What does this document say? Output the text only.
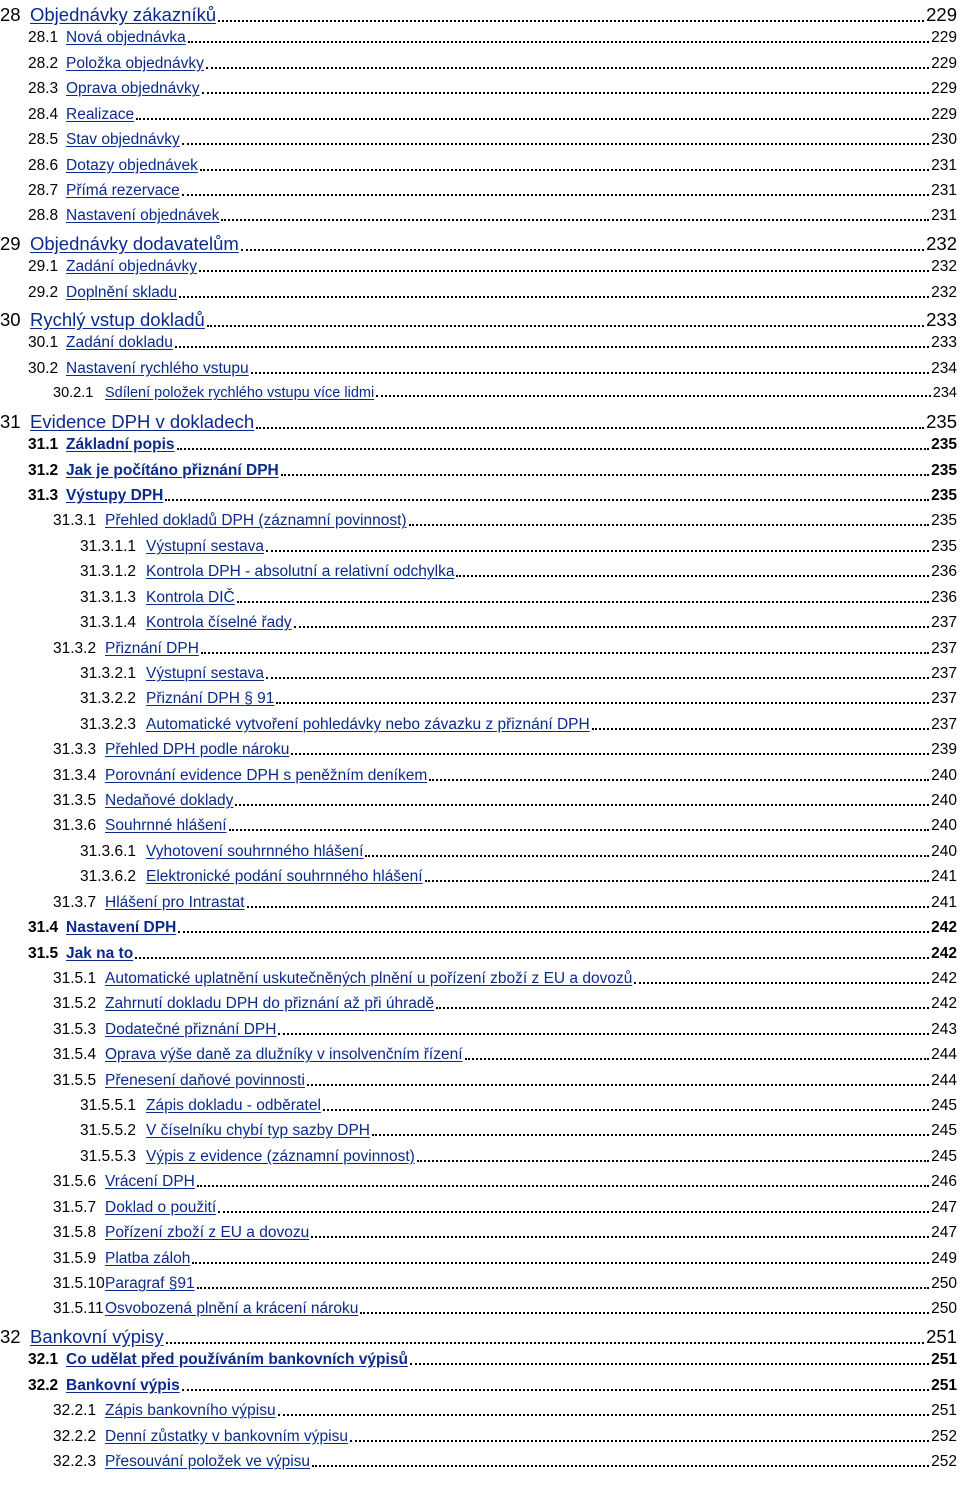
28 Objednávky zákazníků	229
28.1 Nová objednávka	229
28.2 Položka objednávky	229
28.3 Oprava objednávky	229
28.4 Realizace	229
28.5 Stav objednávky	230
28.6 Dotazy objednávek	231
28.7 Přímá rezervace	231
28.8 Nastavení objednávek	231
29 Objednávky dodavatelům	232
29.1 Zadání objednávky	232
29.2 Doplnění skladu	232
30 Rychlý vstup dokladů	233
30.1 Zadání dokladu	233
30.2 Nastavení rychlého vstupu	234
30.2.1 Sdílení položek rychlého vstupu více lidmi	234
31 Evidence DPH v dokladech	235
31.1 Základní popis	235
31.2 Jak je počítáno přiznání DPH	235
31.3 Výstupy DPH	235
31.3.1 Přehled dokladů DPH (záznamní povinnost)	235
31.3.1.1 Výstupní sestava	235
31.3.1.2 Kontrola DPH - absolutní a relativní odchylka	236
31.3.1.3 Kontrola DIČ	236
31.3.1.4 Kontrola číselné řady	237
31.3.2 Přiznání DPH	237
31.3.2.1 Výstupní sestava	237
31.3.2.2 Přiznání DPH § 91	237
31.3.2.3 Automatické vytvoření pohledávky nebo závazku z přiznání DPH	237
31.3.3 Přehled DPH podle nároku	239
31.3.4 Porovnání evidence DPH s peněžním deníkem	240
31.3.5 Nedaňové doklady	240
31.3.6 Souhrnné hlášení	240
31.3.6.1 Vyhotovení souhrnného hlášení	240
31.3.6.2 Elektronické podání souhrnného hlášení	241
31.3.7 Hlášení pro Intrastat	241
31.4 Nastavení DPH	242
31.5 Jak na to	242
31.5.1 Automatické uplatnění uskutečněných plnění u pořízení zboží z EU a dovozů	242
31.5.2 Zahrnutí dokladu DPH do přiznání až při úhradě	242
31.5.3 Dodatečné přiznání DPH	243
31.5.4 Oprava výše daně za dlužníky v insolvenčním řízení	244
31.5.5 Přenesení daňové povinnosti	244
31.5.5.1 Zápis dokladu - odběratel	245
31.5.5.2 V číselníku chybí typ sazby DPH	245
31.5.5.3 Výpis z evidence (záznamní povinnost)	245
31.5.6 Vrácení DPH	246
31.5.7 Doklad o použití	247
31.5.8 Pořízení zboží z EU a dovozu	247
31.5.9 Platba záloh	249
31.5.10 Paragraf §91	250
31.5.11 Osvobozená plnění a krácení nároku	250
32 Bankovní výpisy	251
32.1 Co udělat před používáním bankovních výpisů	251
32.2 Bankovní výpis	251
32.2.1 Zápis bankovního výpisu	251
32.2.2 Denní zůstatky v bankovním výpisu	252
32.2.3 Přesouvání položek ve výpisu	252
